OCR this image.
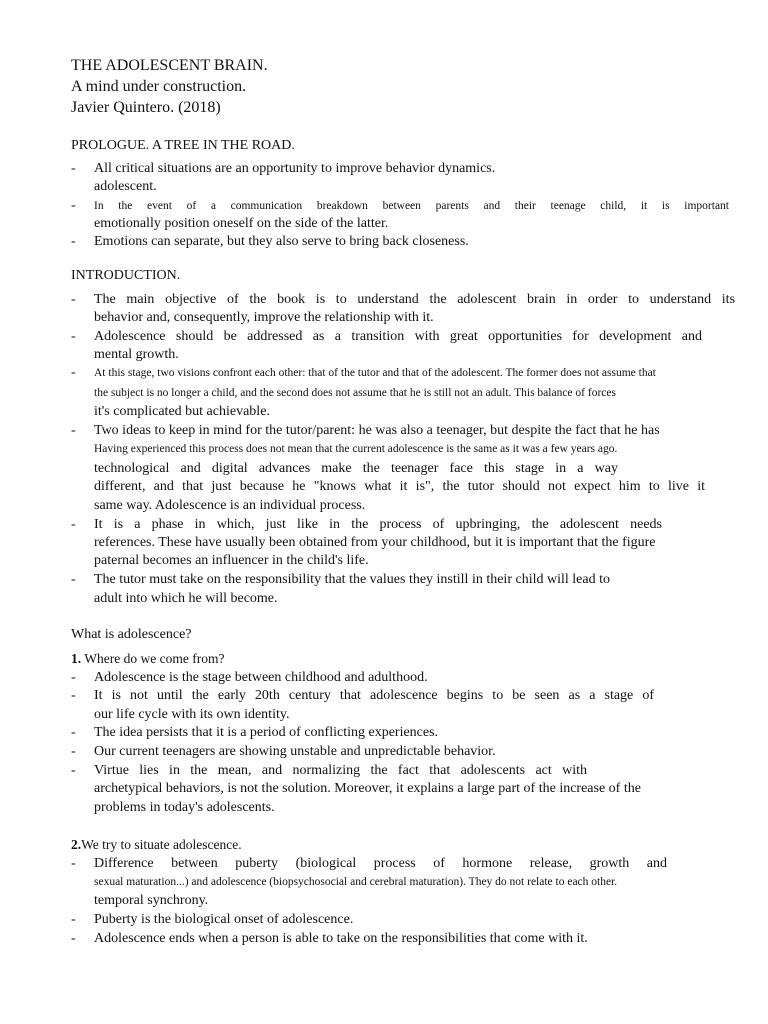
THE ADOLESCENT BRAIN.
A mind under construction.
Javier Quintero. (2018)
PROLOGUE. A TREE IN THE ROAD.
- All critical situations are an opportunity to improve behavior dynamics.
adolescent.
- In the event of a communication breakdown between parents and their teenage child, it is important
emotionally position oneself on the side of the latter.
- Emotions can separate, but they also serve to bring back closeness.
INTRODUCTION.
- The main objective of the book is to understand the adolescent brain in order to understand its
behavior and, consequently, improve the relationship with it.
- Adolescence should be addressed as a transition with great opportunities for development and
mental growth.
- At this stage, two visions confront each other: that of the tutor and that of the adolescent. The former does not assume that
the subject is no longer a child, and the second does not assume that he is still not an adult. This balance of forces
it's complicated but achievable.
- Two ideas to keep in mind for the tutor/parent: he was also a teenager, but despite the fact that he has
Having experienced this process does not mean that the current adolescence is the same as it was a few years ago.
technological and digital advances make the teenager face this stage in a way
different, and that just because he "knows what it is", the tutor should not expect him to live it
same way. Adolescence is an individual process.
- It is a phase in which, just like in the process of upbringing, the adolescent needs
references. These have usually been obtained from your childhood, but it is important that the figure
paternal becomes an influencer in the child's life.
- The tutor must take on the responsibility that the values they instill in their child will lead to
adult into which he will become.
What is adolescence?
1. Where do we come from?
- Adolescence is the stage between childhood and adulthood.
- It is not until the early 20th century that adolescence begins to be seen as a stage of
our life cycle with its own identity.
- The idea persists that it is a period of conflicting experiences.
- Our current teenagers are showing unstable and unpredictable behavior.
- Virtue lies in the mean, and normalizing the fact that adolescents act with
archetypical behaviors, is not the solution. Moreover, it explains a large part of the increase of the
problems in today's adolescents.
2.We try to situate adolescence.
- Difference between puberty (biological process of hormone release, growth and
sexual maturation...) and adolescence (biopsychosocial and cerebral maturation). They do not relate to each other.
temporal synchrony.
- Puberty is the biological onset of adolescence.
- Adolescence ends when a person is able to take on the responsibilities that come with it.
